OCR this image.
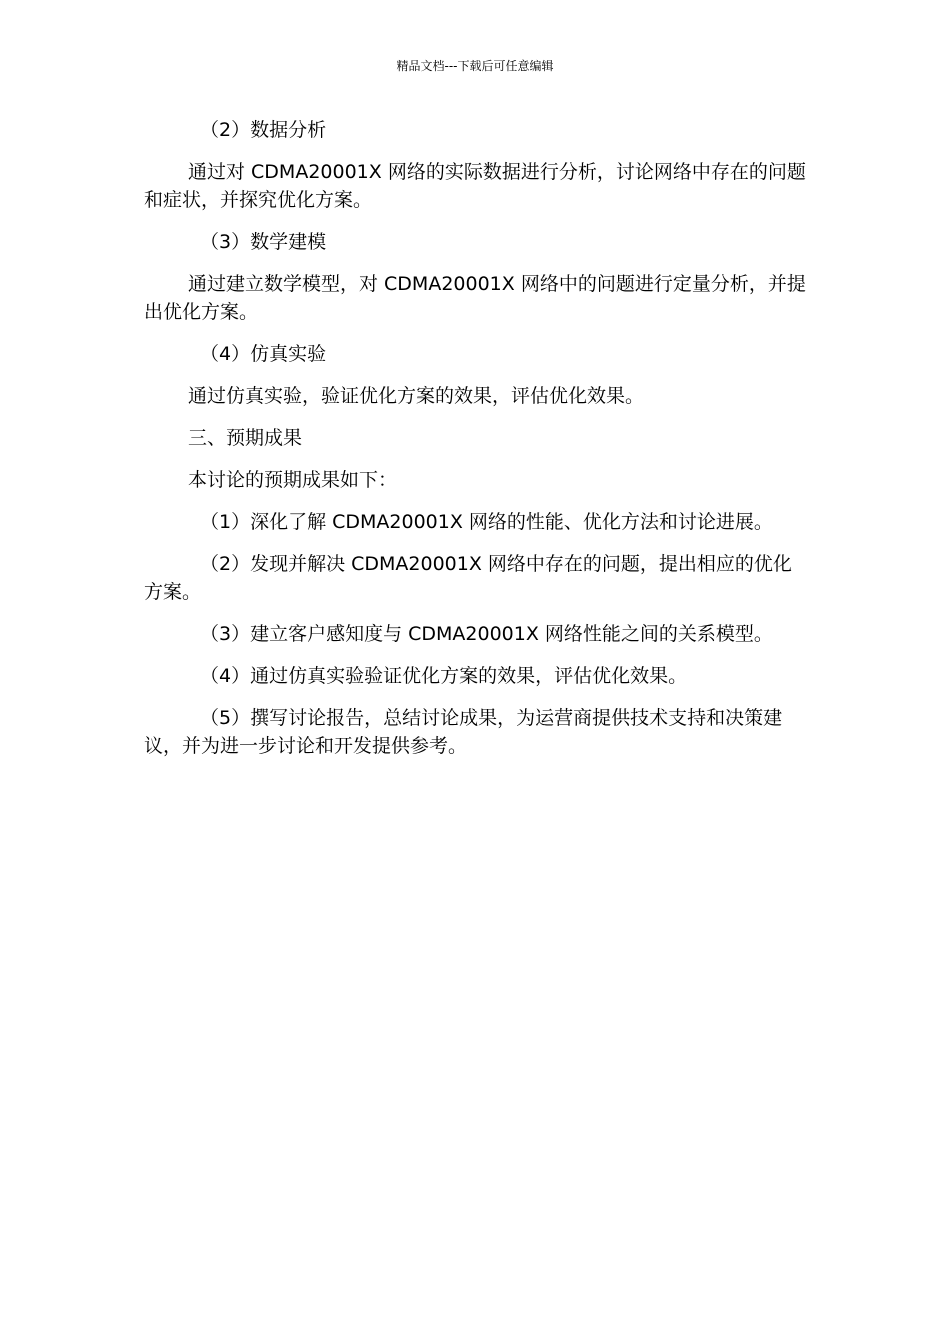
精品文档---下载后可任意编辑

（2）数据分析

通过对 CDMA20001X 网络的实际数据进行分析，讨论网络中存在的问题和症状，并探究优化方案。

（3）数学建模

通过建立数学模型，对 CDMA20001X 网络中的问题进行定量分析，并提出优化方案。

（4）仿真实验

通过仿真实验，验证优化方案的效果，评估优化效果。

三、预期成果

本讨论的预期成果如下：

（1）深化了解 CDMA20001X 网络的性能、优化方法和讨论进展。

（2）发现并解决 CDMA20001X 网络中存在的问题，提出相应的优化方案。

（3）建立客户感知度与 CDMA20001X 网络性能之间的关系模型。

（4）通过仿真实验验证优化方案的效果，评估优化效果。

（5）撰写讨论报告，总结讨论成果，为运营商提供技术支持和决策建议，并为进一步讨论和开发提供参考。
